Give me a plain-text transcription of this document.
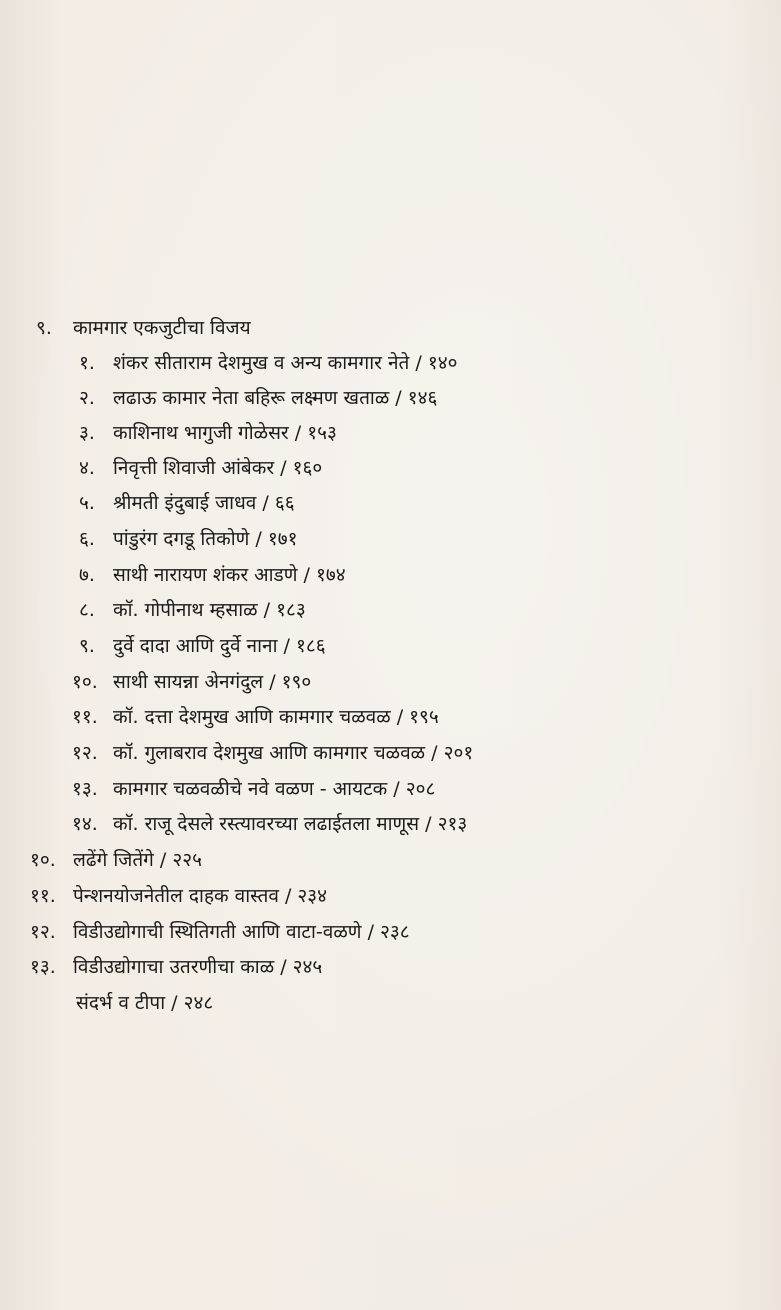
९. कामगार एकजुटीचा विजय
१. शंकर सीताराम देशमुख व अन्य कामगार नेते / १४०
२. लढाऊ कामार नेता बहिरू लक्ष्मण खताळ / १४६
३. काशिनाथ भागुजी गोळेसर / १५३
४. निवृत्ती शिवाजी आंबेकर / १६०
५. श्रीमती इंदुबाई जाधव / ६६
६. पांडुरंग दगडू तिकोणे / १७१
७. साथी नारायण शंकर आडणे / १७४
८. कॉ. गोपीनाथ म्हसाळ / १८३
९. दुर्वे दादा आणि दुर्वे नाना / १८६
१०. साथी सायन्ना अेनगंदुल / १९०
११. कॉ. दत्ता देशमुख आणि कामगार चळवळ / १९५
१२. कॉ. गुलाबराव देशमुख आणि कामगार चळवळ / २०१
१३. कामगार चळवळीचे नवे वळण - आयटक / २०८
१४. कॉ. राजू देसले रस्त्यावरच्या लढाईतला माणूस / २१३
१०. लढेंगे जितेंगे / २२५
११. पेन्शनयोजनेतील दाहक वास्तव / २३४
१२. विडीउद्योगाची स्थितिगती आणि वाटा-वळणे / २३८
१३. विडीउद्योगाचा उतरणीचा काळ / २४५
संदर्भ व टीपा / २४८
